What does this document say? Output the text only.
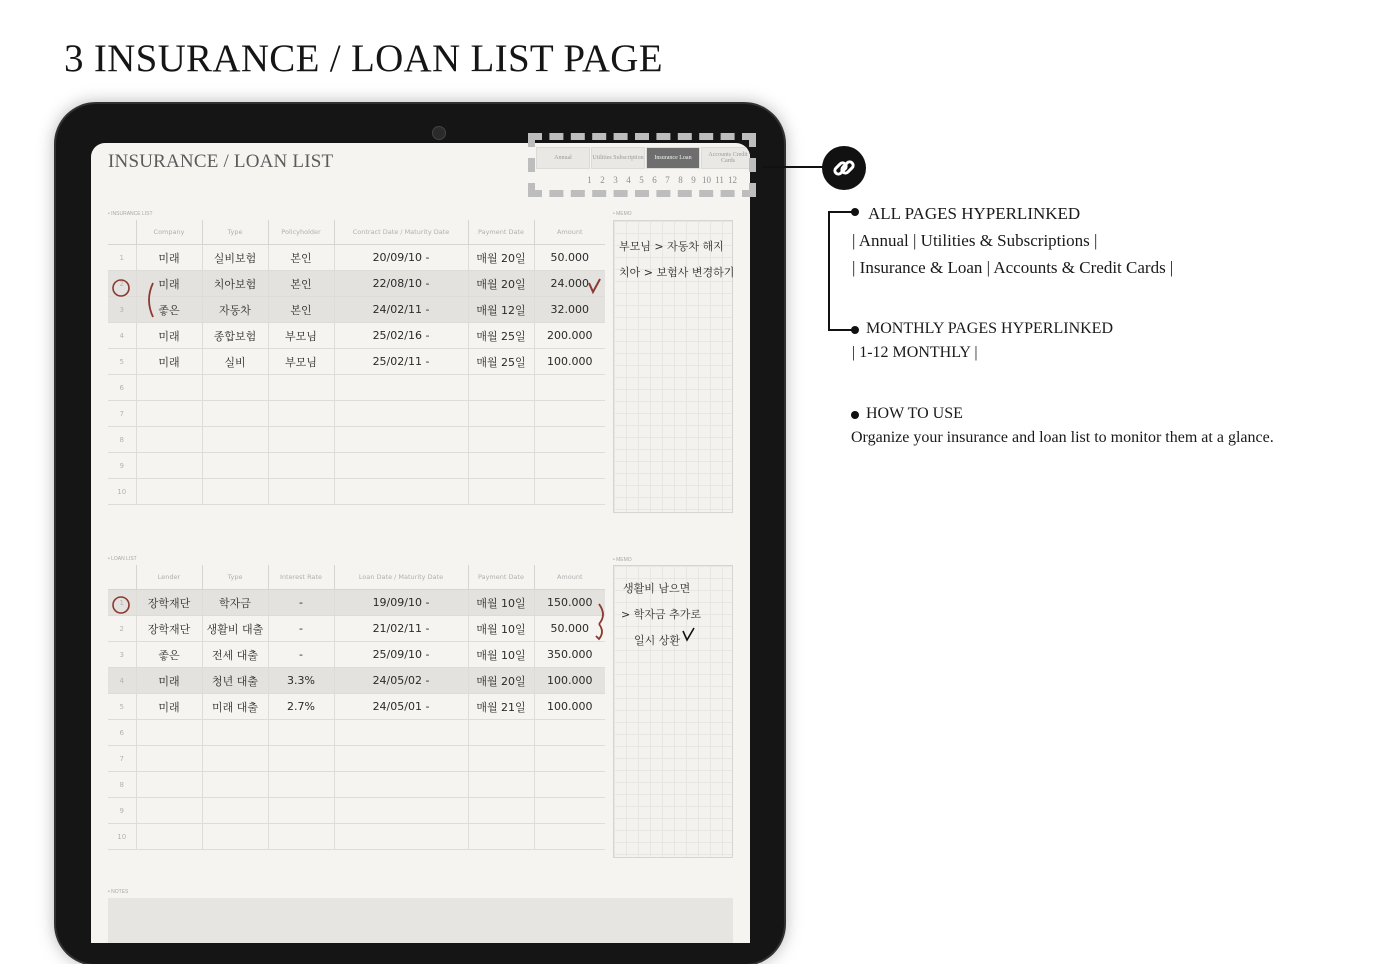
3 INSURANCE / LOAN LIST PAGE
INSURANCE / LOAN LIST	Annual	Utilities Subscription	Insurance Loan	Accounts Credit Cards
1 2 3 4 5 6 7 8 9 10 11 12
• INSURANCE LIST
	Company	Type	Policyholder	Contract Date / Maturity Date	Payment Date	Amount
1	미래	실비보험	본인	20/09/10 -	매월 20일	50.000
2	미래	치아보험	본인	22/08/10 -	매월 20일	24.000
3	좋은	자동차	본인	24/02/11 -	매월 12일	32.000
4	미래	종합보험	부모님	25/02/16 -	매월 25일	200.000
5	미래	실비	부모님	25/02/11 -	매월 25일	100.000
6						
7						
8						
9						
10						
• MEMO
부모님 > 자동차 해지
치아 > 보험사 변경하기
• LOAN LIST
	Lender	Type	Interest Rate	Loan Date / Maturity Date	Payment Date	Amount
1	장학재단	학자금	-	19/09/10 -	매월 10일	150.000
2	장학재단	생활비 대출	-	21/02/11 -	매월 10일	50.000
3	좋은	전세 대출	-	25/09/10 -	매월 10일	350.000
4	미래	청년 대출	3.3%	24/05/02 -	매월 20일	100.000
5	미래	미래 대출	2.7%	24/05/01 -	매월 21일	100.000
6						
7						
8						
9						
10						
• MEMO
생활비 남으면
> 학자금 추가로
일시 상환
• NOTES
ALL PAGES HYPERLINKED
| Annual | Utilities & Subscriptions |
| Insurance & Loan | Accounts & Credit Cards |
MONTHLY PAGES HYPERLINKED
| 1-12 MONTHLY |
HOW TO USE
Organize your insurance and loan list to monitor them at a glance.
